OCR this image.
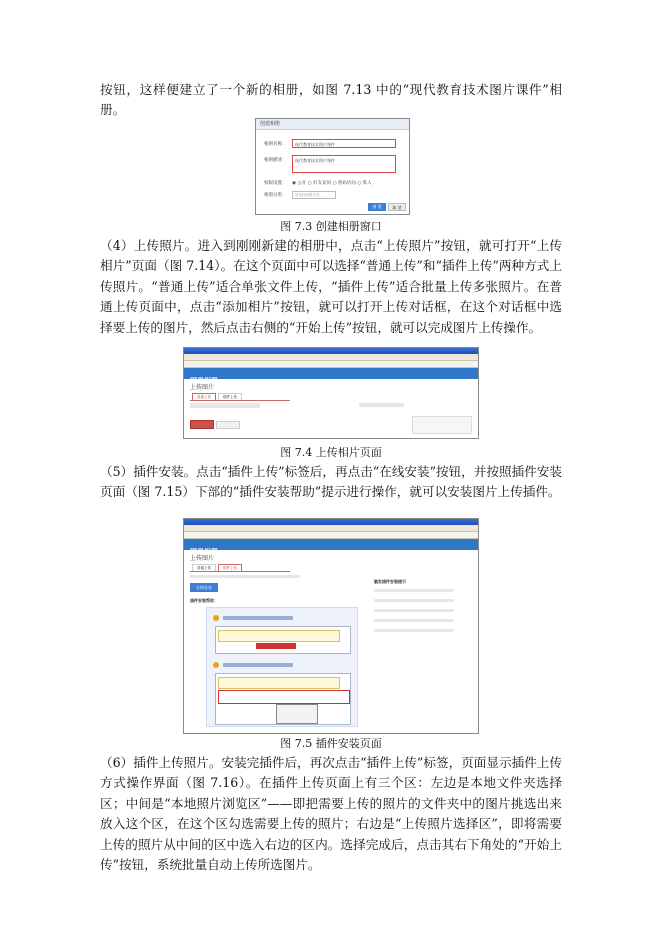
按钮，这样便建立了一个新的相册，如图 7.13 中的“现代教育技术图片课件”相册。

创建相册
相册名称：	现代教育技术图片课件
相册描述：	现代教育技术图片课件
权限设置： ◉ 公开 ○ 好友访问 ○ 密码访问 ○ 私人
相册分类：	请选择相册分类
创 建	取 消
图 7.3 创建相册窗口

（4）上传照片。进入到刚刚新建的相册中，点击“上传照片”按钮，就可打开“上传相片”页面（图 7.14）。在这个页面中可以选择“普通上传”和“插件上传”两种方式上传照片。“普通上传”适合单张文件上传，“插件上传”适合批量上传多张照片。在普通上传页面中，点击“添加相片”按钮，就可以打开上传对话框，在这个对话框中选择要上传的图片，然后点击右侧的“开始上传”按钮，就可以完成图片上传操作。

网易相册
上传图片
普通上传	插件上传
图 7.4 上传相片页面

（5）插件安装。点击“插件上传”标签后，再点击“在线安装”按钮，并按照插件安装页面（图 7.15）下部的“插件安装帮助”提示进行操作，就可以安装图片上传插件。

网易相册
上传图片
普通上传	插件上传
在线安装
插件安装帮助：
触发插件安装提示
图 7.5 插件安装页面

（6）插件上传照片。安装完插件后，再次点击“插件上传”标签，页面显示插件上传方式操作界面（图 7.16）。在插件上传页面上有三个区：左边是本地文件夹选择区；中间是“本地照片浏览区”——即把需要上传的照片的文件夹中的图片挑选出来放入这个区，在这个区勾选需要上传的照片；右边是“上传照片选择区”，即将需要上传的照片从中间的区中选入右边的区内。选择完成后，点击其右下角处的“开始上传”按钮，系统批量自动上传所选图片。
